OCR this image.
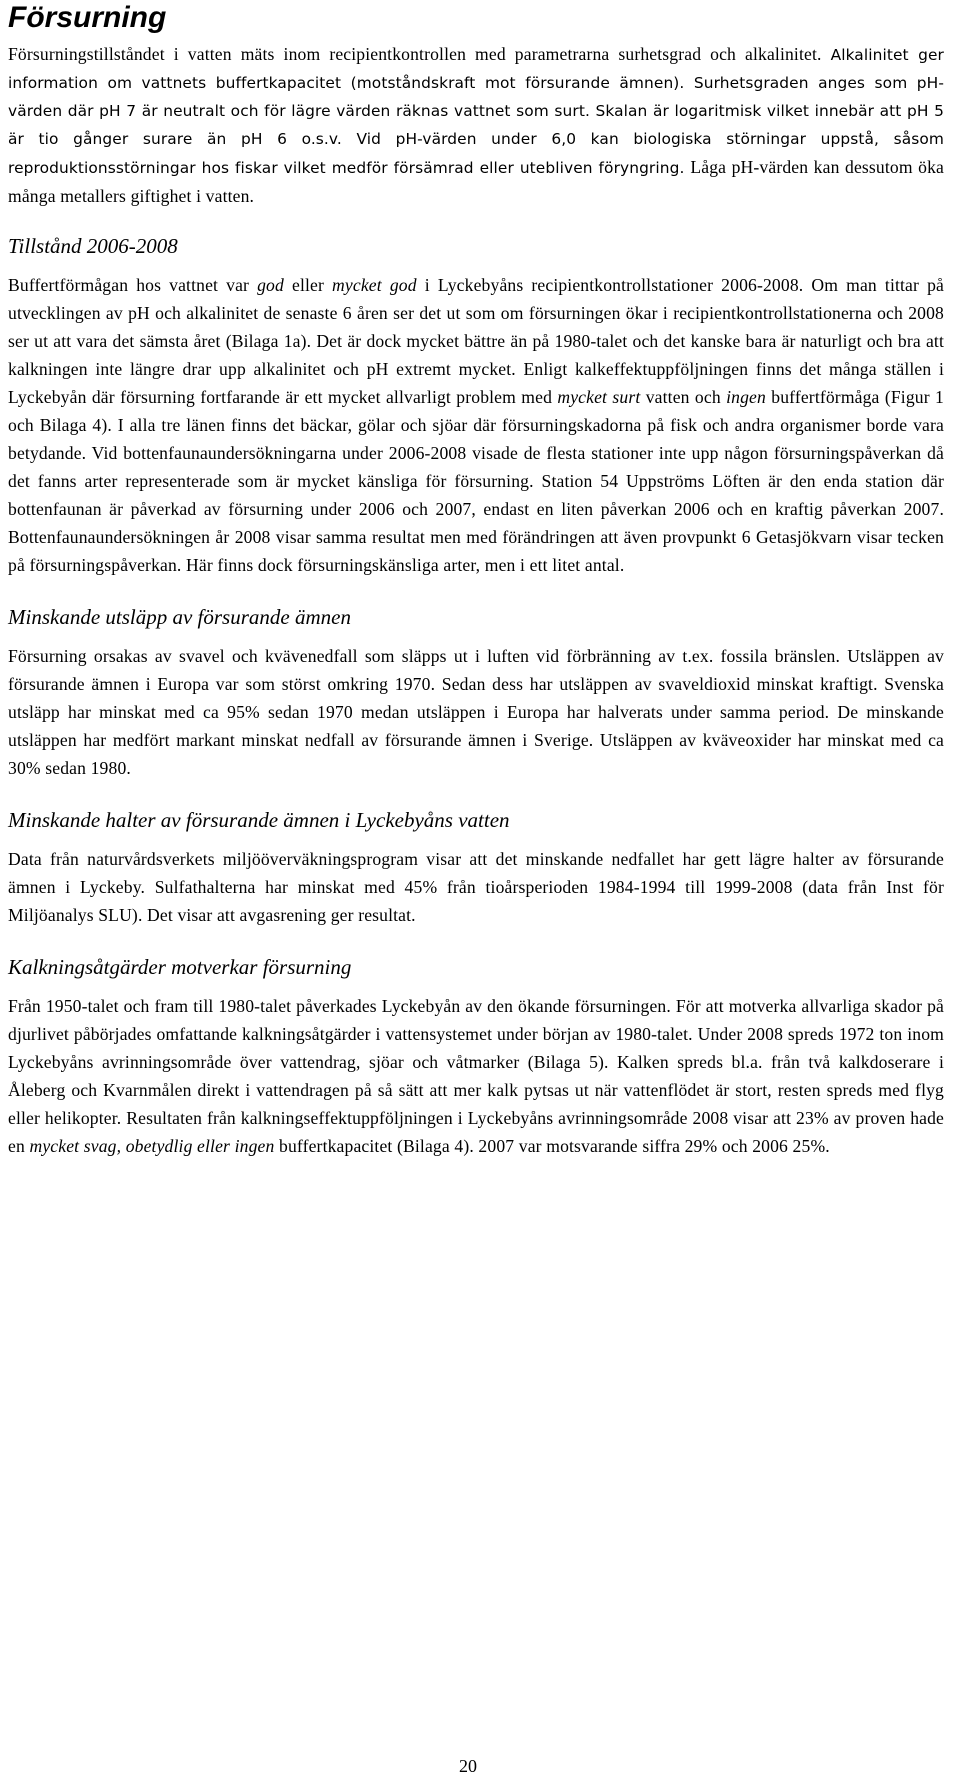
Försurning

Försurningstillståndet i vatten mäts inom recipientkontrollen med parametrarna surhetsgrad och alkalinitet. Alkalinitet ger information om vattnets buffertkapacitet (motståndskraft mot försurande ämnen). Surhetsgraden anges som pH-värden där pH 7 är neutralt och för lägre värden räknas vattnet som surt. Skalan är logaritmisk vilket innebär att pH 5 är tio gånger surare än pH 6 o.s.v. Vid pH-värden under 6,0 kan biologiska störningar uppstå, såsom reproduktionsstörningar hos fiskar vilket medför försämrad eller utebliven föryngring. Låga pH-värden kan dessutom öka många metallers giftighet i vatten.

Tillstånd 2006-2008

Buffertförmågan hos vattnet var god eller mycket god i Lyckebyåns recipientkontrollstationer 2006-2008. Om man tittar på utvecklingen av pH och alkalinitet de senaste 6 åren ser det ut som om försurningen ökar i recipientkontrollstationerna och 2008 ser ut att vara det sämsta året (Bilaga 1a). Det är dock mycket bättre än på 1980-talet och det kanske bara är naturligt och bra att kalkningen inte längre drar upp alkalinitet och pH extremt mycket. Enligt kalkeffektuppföljningen finns det många ställen i Lyckebyån där försurning fortfarande är ett mycket allvarligt problem med mycket surt vatten och ingen buffertförmåga (Figur 1 och Bilaga 4). I alla tre länen finns det bäckar, gölar och sjöar där försurningskadorna på fisk och andra organismer borde vara betydande. Vid bottenfaunaundersökningarna under 2006-2008 visade de flesta stationer inte upp någon försurningspåverkan då det fanns arter representerade som är mycket känsliga för försurning. Station 54 Uppströms Löften är den enda station där bottenfaunan är påverkad av försurning under 2006 och 2007, endast en liten påverkan 2006 och en kraftig påverkan 2007. Bottenfaunaundersökningen år 2008 visar samma resultat men med förändringen att även provpunkt 6 Getasjökvarn visar tecken på försurningspåverkan. Här finns dock försurningskänsliga arter, men i ett litet antal.

Minskande utsläpp av försurande ämnen

Försurning orsakas av svavel och kvävenedfall som släpps ut i luften vid förbränning av t.ex. fossila bränslen. Utsläppen av försurande ämnen i Europa var som störst omkring 1970. Sedan dess har utsläppen av svaveldioxid minskat kraftigt. Svenska utsläpp har minskat med ca 95% sedan 1970 medan utsläppen i Europa har halverats under samma period. De minskande utsläppen har medfört markant minskat nedfall av försurande ämnen i Sverige. Utsläppen av kväveoxider har minskat med ca 30% sedan 1980.

Minskande halter av försurande ämnen i Lyckebyåns vatten

Data från naturvårdsverkets miljööverväkningsprogram visar att det minskande nedfallet har gett lägre halter av försurande ämnen i Lyckeby. Sulfathalterna har minskat med 45% från tioårsperioden 1984-1994 till 1999-2008 (data från Inst för Miljöanalys SLU). Det visar att avgasrening ger resultat.

Kalkningsåtgärder motverkar försurning

Från 1950-talet och fram till 1980-talet påverkades Lyckebyån av den ökande försurningen. För att motverka allvarliga skador på djurlivet påbörjades omfattande kalkningsåtgärder i vattensystemet under början av 1980-talet. Under 2008 spreds 1972 ton inom Lyckebyåns avrinningsområde över vattendrag, sjöar och våtmarker (Bilaga 5). Kalken spreds bl.a. från två kalkdoserare i Åleberg och Kvarnmålen direkt i vattendragen på så sätt att mer kalk pytsas ut när vattenflödet är stort, resten spreds med flyg eller helikopter. Resultaten från kalkningseffektuppföljningen i Lyckebyåns avrinningsområde 2008 visar att 23% av proven hade en mycket svag, obetydlig eller ingen buffertkapacitet (Bilaga 4). 2007 var motsvarande siffra 29% och 2006 25%.

20
